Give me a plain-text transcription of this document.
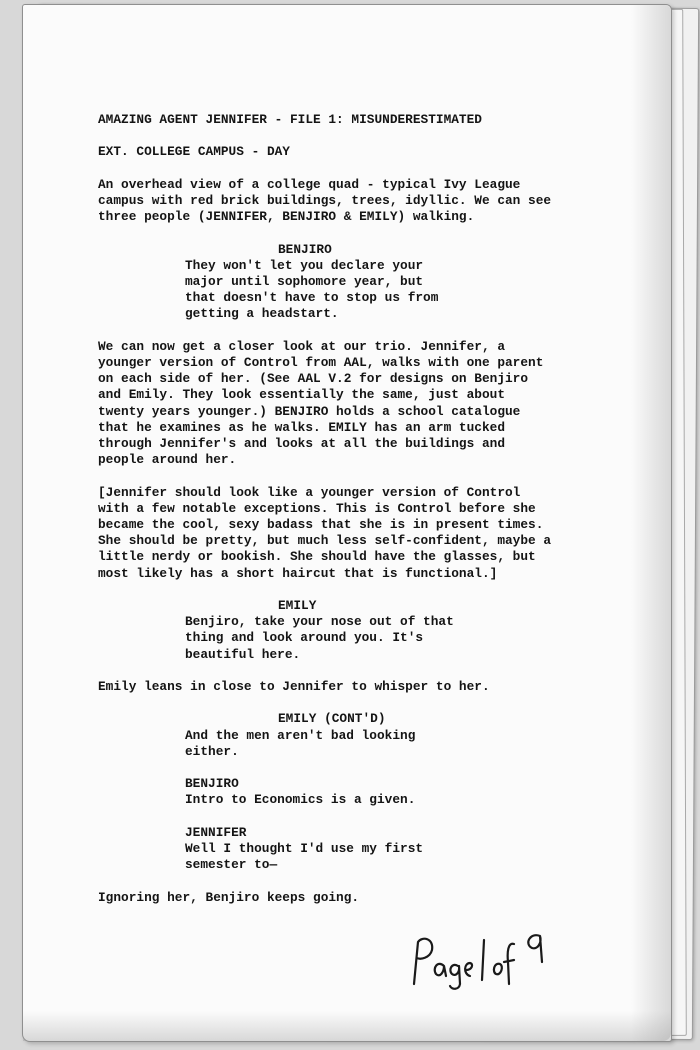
AMAZING AGENT JENNIFER - FILE 1: MISUNDERESTIMATED

EXT. COLLEGE CAMPUS - DAY

An overhead view of a college quad - typical Ivy League

campus with red brick buildings, trees, idyllic. We can see

three people (JENNIFER, BENJIRO & EMILY) walking.

BENJIRO

They won't let you declare your

major until sophomore year, but

that doesn't have to stop us from

getting a headstart.

We can now get a closer look at our trio. Jennifer, a

younger version of Control from AAL, walks with one parent

on each side of her. (See AAL V.2 for designs on Benjiro

and Emily. They look essentially the same, just about

twenty years younger.) BENJIRO holds a school catalogue

that he examines as he walks. EMILY has an arm tucked

through Jennifer's and looks at all the buildings and

people around her.

[Jennifer should look like a younger version of Control

with a few notable exceptions. This is Control before she

became the cool, sexy badass that she is in present times.

She should be pretty, but much less self-confident, maybe a

little nerdy or bookish. She should have the glasses, but

most likely has a short haircut that is functional.]

EMILY

Benjiro, take your nose out of that

thing and look around you. It's

beautiful here.

Emily leans in close to Jennifer to whisper to her.

EMILY (CONT'D)

And the men aren't bad looking

either.

BENJIRO

Intro to Economics is a given.

JENNIFER

Well I thought I'd use my first

semester to—

Ignoring her, Benjiro keeps going.

Page 1 of 9
